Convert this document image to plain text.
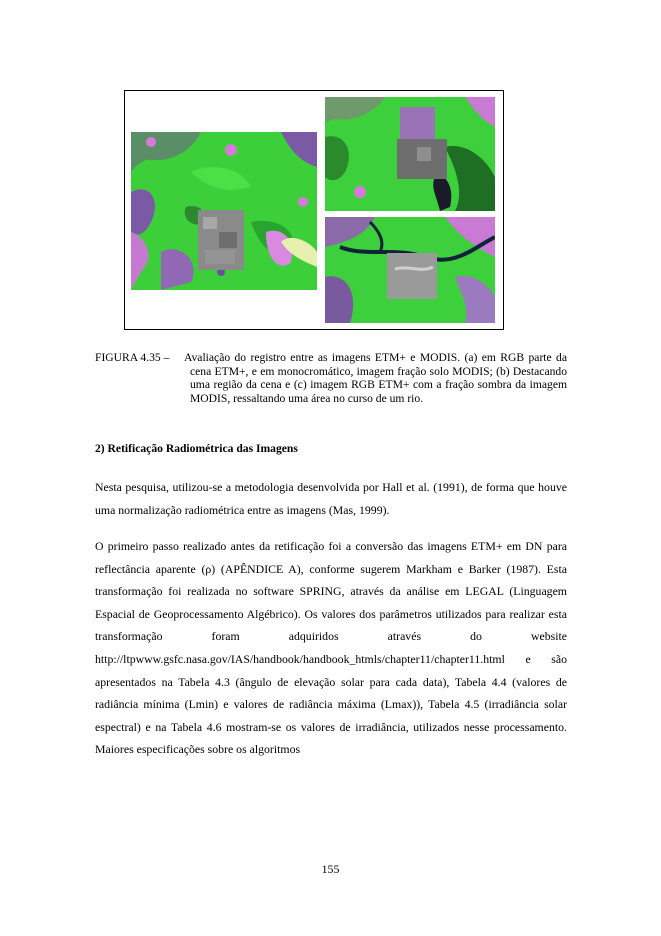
FIGURA 4.35 – Avaliação do registro entre as imagens ETM+ e MODIS. (a) em RGB parte da cena ETM+, e em monocromático, imagem fração solo MODIS; (b) Destacando uma região da cena e (c) imagem RGB ETM+ com a fração sombra da imagem MODIS, ressaltando uma área no curso de um rio.
2) Retificação Radiométrica das Imagens

Nesta pesquisa, utilizou-se a metodologia desenvolvida por Hall et al. (1991), de forma que houve uma normalização radiométrica entre as imagens (Mas, 1999).

O primeiro passo realizado antes da retificação foi a conversão das imagens ETM+ em DN para reflectância aparente (ρ) (APÊNDICE A), conforme sugerem Markham e Barker (1987). Esta transformação foi realizada no software SPRING, através da análise em LEGAL (Linguagem Espacial de Geoprocessamento Algébrico). Os valores dos parâmetros utilizados para realizar esta transformação foram adquiridos através do website http://ltpwww.gsfc.nasa.gov/IAS/handbook/handbook_htmls/chapter11/chapter11.html e são apresentados na Tabela 4.3 (ângulo de elevação solar para cada data), Tabela 4.4 (valores de radiância mínima (Lmin) e valores de radiância máxima (Lmax)), Tabela 4.5 (irradiância solar espectral) e na Tabela 4.6 mostram-se os valores de irradiância, utilizados nesse processamento. Maiores especificações sobre os algoritmos

155
